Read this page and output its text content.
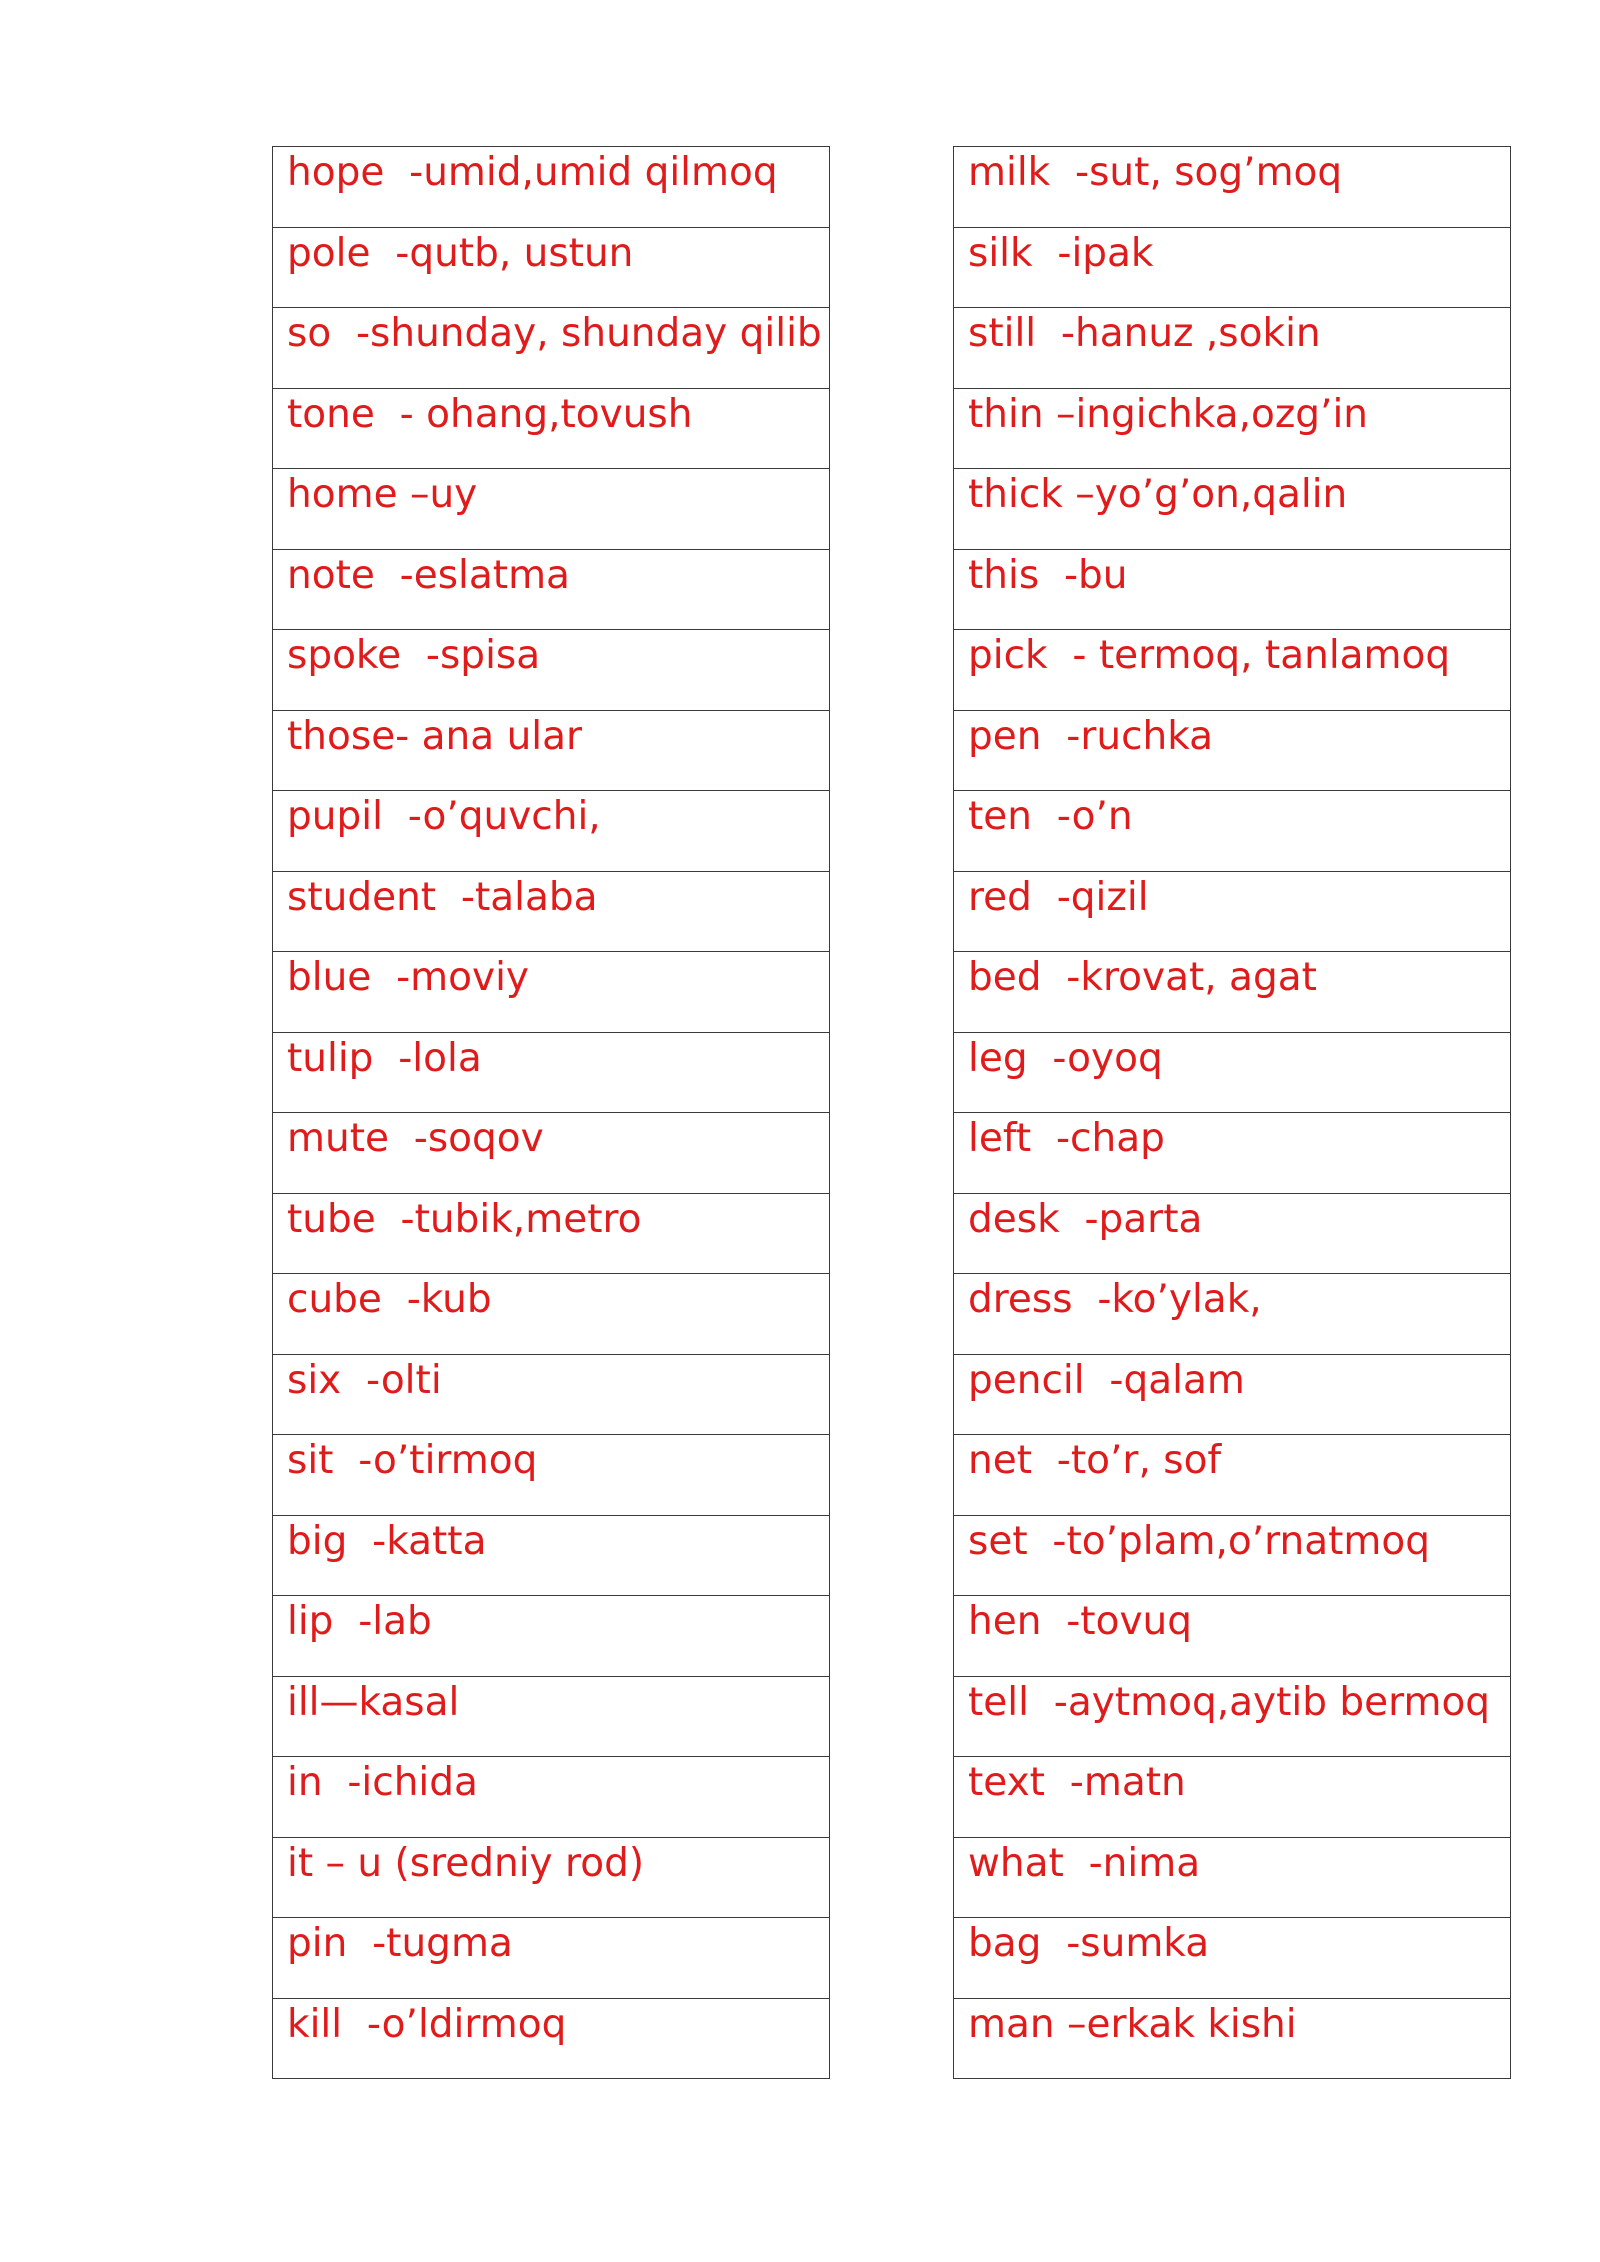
hope  -umid,umid qilmoq

pole  -qutb, ustun

so  -shunday, shunday qilib

tone  - ohang,tovush

home –uy

note  -eslatma

spoke  -spisa

those- ana ular

pupil  -o’quvchi,

student  -talaba

blue  -moviy

tulip  -lola

mute  -soqov

tube  -tubik,metro

cube  -kub

six  -olti

sit  -o’tirmoq

big  -katta

lip  -lab

ill—kasal

in  -ichida

it – u (sredniy rod)

pin  -tugma

kill  -o’ldirmoq
milk  -sut, sog’moq

silk  -ipak

still  -hanuz ,sokin

thin –ingichka,ozg’in

thick –yo’g’on,qalin

this  -bu

pick  - termoq, tanlamoq

pen  -ruchka

ten  -o’n

red  -qizil

bed  -krovat, agat

leg  -oyoq

left  -chap

desk  -parta

dress  -ko’ylak,

pencil  -qalam

net  -to’r, sof

set  -to’plam,o’rnatmoq

hen  -tovuq

tell  -aytmoq,aytib bermoq

text  -matn

what  -nima

bag  -sumka

man –erkak kishi
